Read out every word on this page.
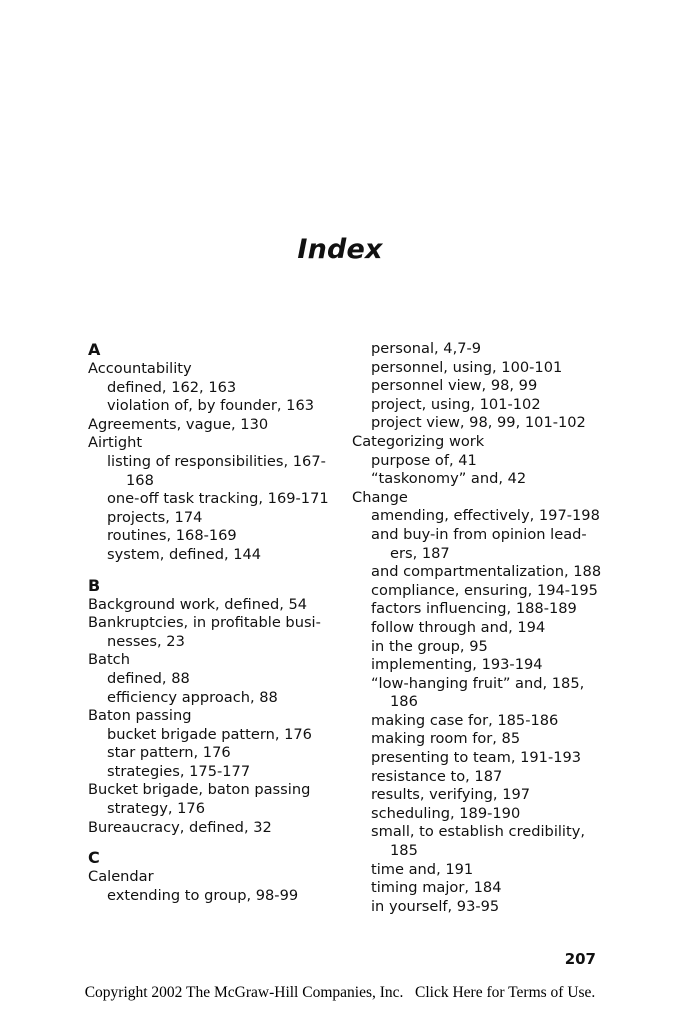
Index
A
Accountability
defined, 162, 163
violation of, by founder, 163
Agreements, vague, 130
Airtight
listing of responsibilities, 167-
168
one-off task tracking, 169-171
projects, 174
routines, 168-169
system, defined, 144
B
Background work, defined, 54
Bankruptcies, in profitable busi-
nesses, 23
Batch
defined, 88
efficiency approach, 88
Baton passing
bucket brigade pattern, 176
star pattern, 176
strategies, 175-177
Bucket brigade, baton passing
strategy, 176
Bureaucracy, defined, 32
C
Calendar
extending to group, 98-99
personal, 4,7-9
personnel, using, 100-101
personnel view, 98, 99
project, using, 101-102
project view, 98, 99, 101-102
Categorizing work
purpose of, 41
“taskonomy” and, 42
Change
amending, effectively, 197-198
and buy-in from opinion lead-
ers, 187
and compartmentalization, 188
compliance, ensuring, 194-195
factors influencing, 188-189
follow through and, 194
in the group, 95
implementing, 193-194
“low-hanging fruit” and, 185,
186
making case for, 185-186
making room for, 85
presenting to team, 191-193
resistance to, 187
results, verifying, 197
scheduling, 189-190
small, to establish credibility,
185
time and, 191
timing major, 184
in yourself, 93-95
207
Copyright 2002 The McGraw-Hill Companies, Inc. Click Here for Terms of Use.
